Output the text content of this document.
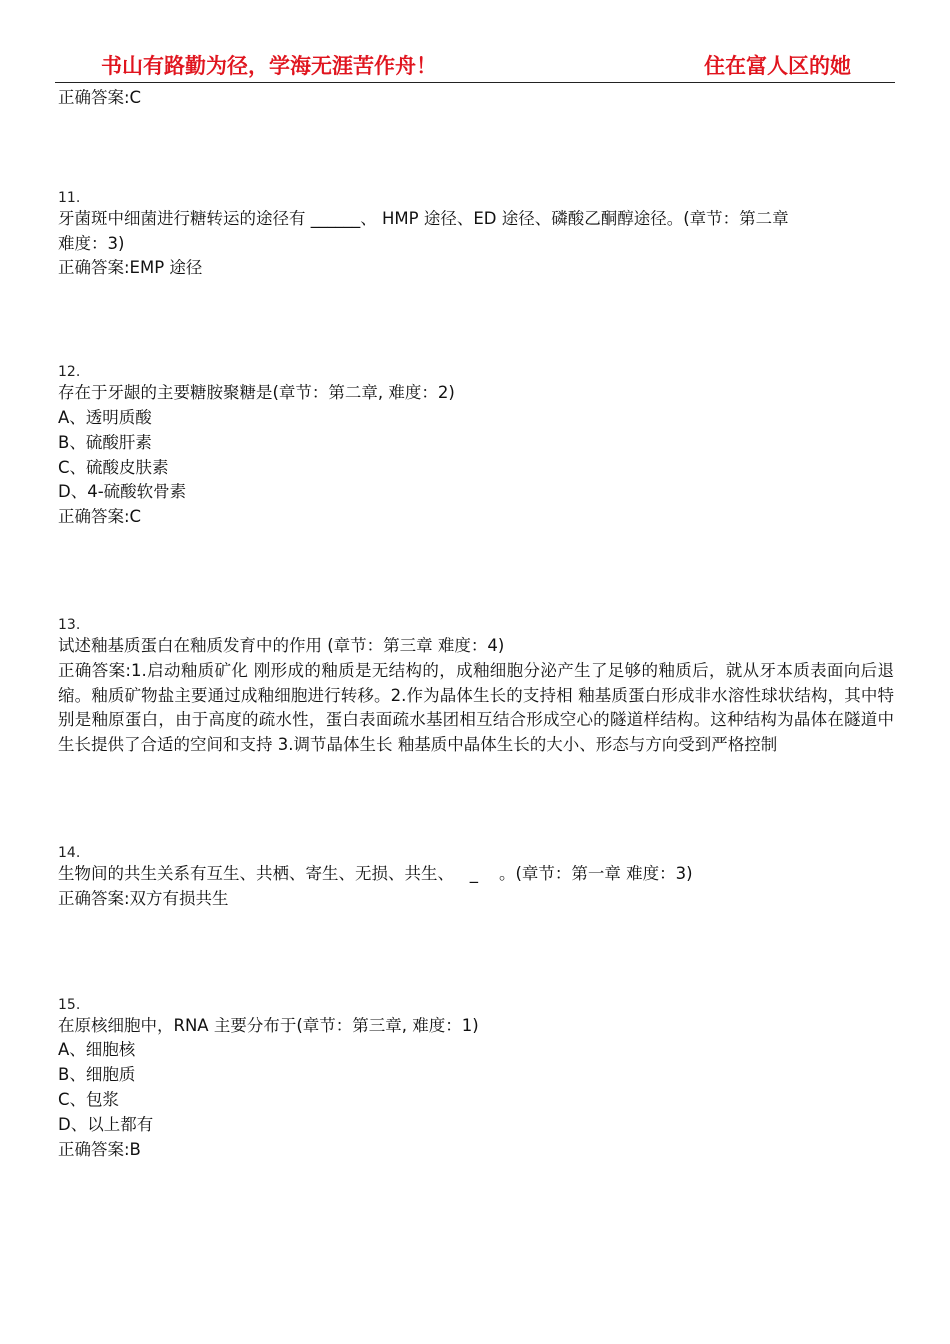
书山有路勤为径，学海无涯苦作舟！	住在富人区的她
正确答案:C
11.
牙菌斑中细菌进行糖转运的途径有 ______、 HMP 途径、ED 途径、磷酸乙酮醇途径。(章节：第二章
难度：3)
正确答案:EMP 途径
12.
存在于牙龈的主要糖胺聚糖是(章节：第二章, 难度：2)
A、透明质酸
B、硫酸肝素
C、硫酸皮肤素
D、4-硫酸软骨素
正确答案:C
13.
试述釉基质蛋白在釉质发育中的作用 (章节：第三章 难度：4)
正确答案:1.启动釉质矿化 刚形成的釉质是无结构的，成釉细胞分泌产生了足够的釉质后，就从牙本质表面向后退缩。釉质矿物盐主要通过成釉细胞进行转移。2.作为晶体生长的支持相 釉基质蛋白形成非水溶性球状结构，其中特别是釉原蛋白，由于高度的疏水性，蛋白表面疏水基团相互结合形成空心的隧道样结构。这种结构为晶体在隧道中生长提供了合适的空间和支持 3.调节晶体生长 釉基质中晶体生长的大小、形态与方向受到严格控制
14.
生物间的共生关系有互生、共栖、寄生、无损、共生、   _    。(章节：第一章 难度：3)
正确答案:双方有损共生
15.
在原核细胞中，RNA 主要分布于(章节：第三章, 难度：1)
A、细胞核
B、细胞质
C、包浆
D、以上都有
正确答案:B
